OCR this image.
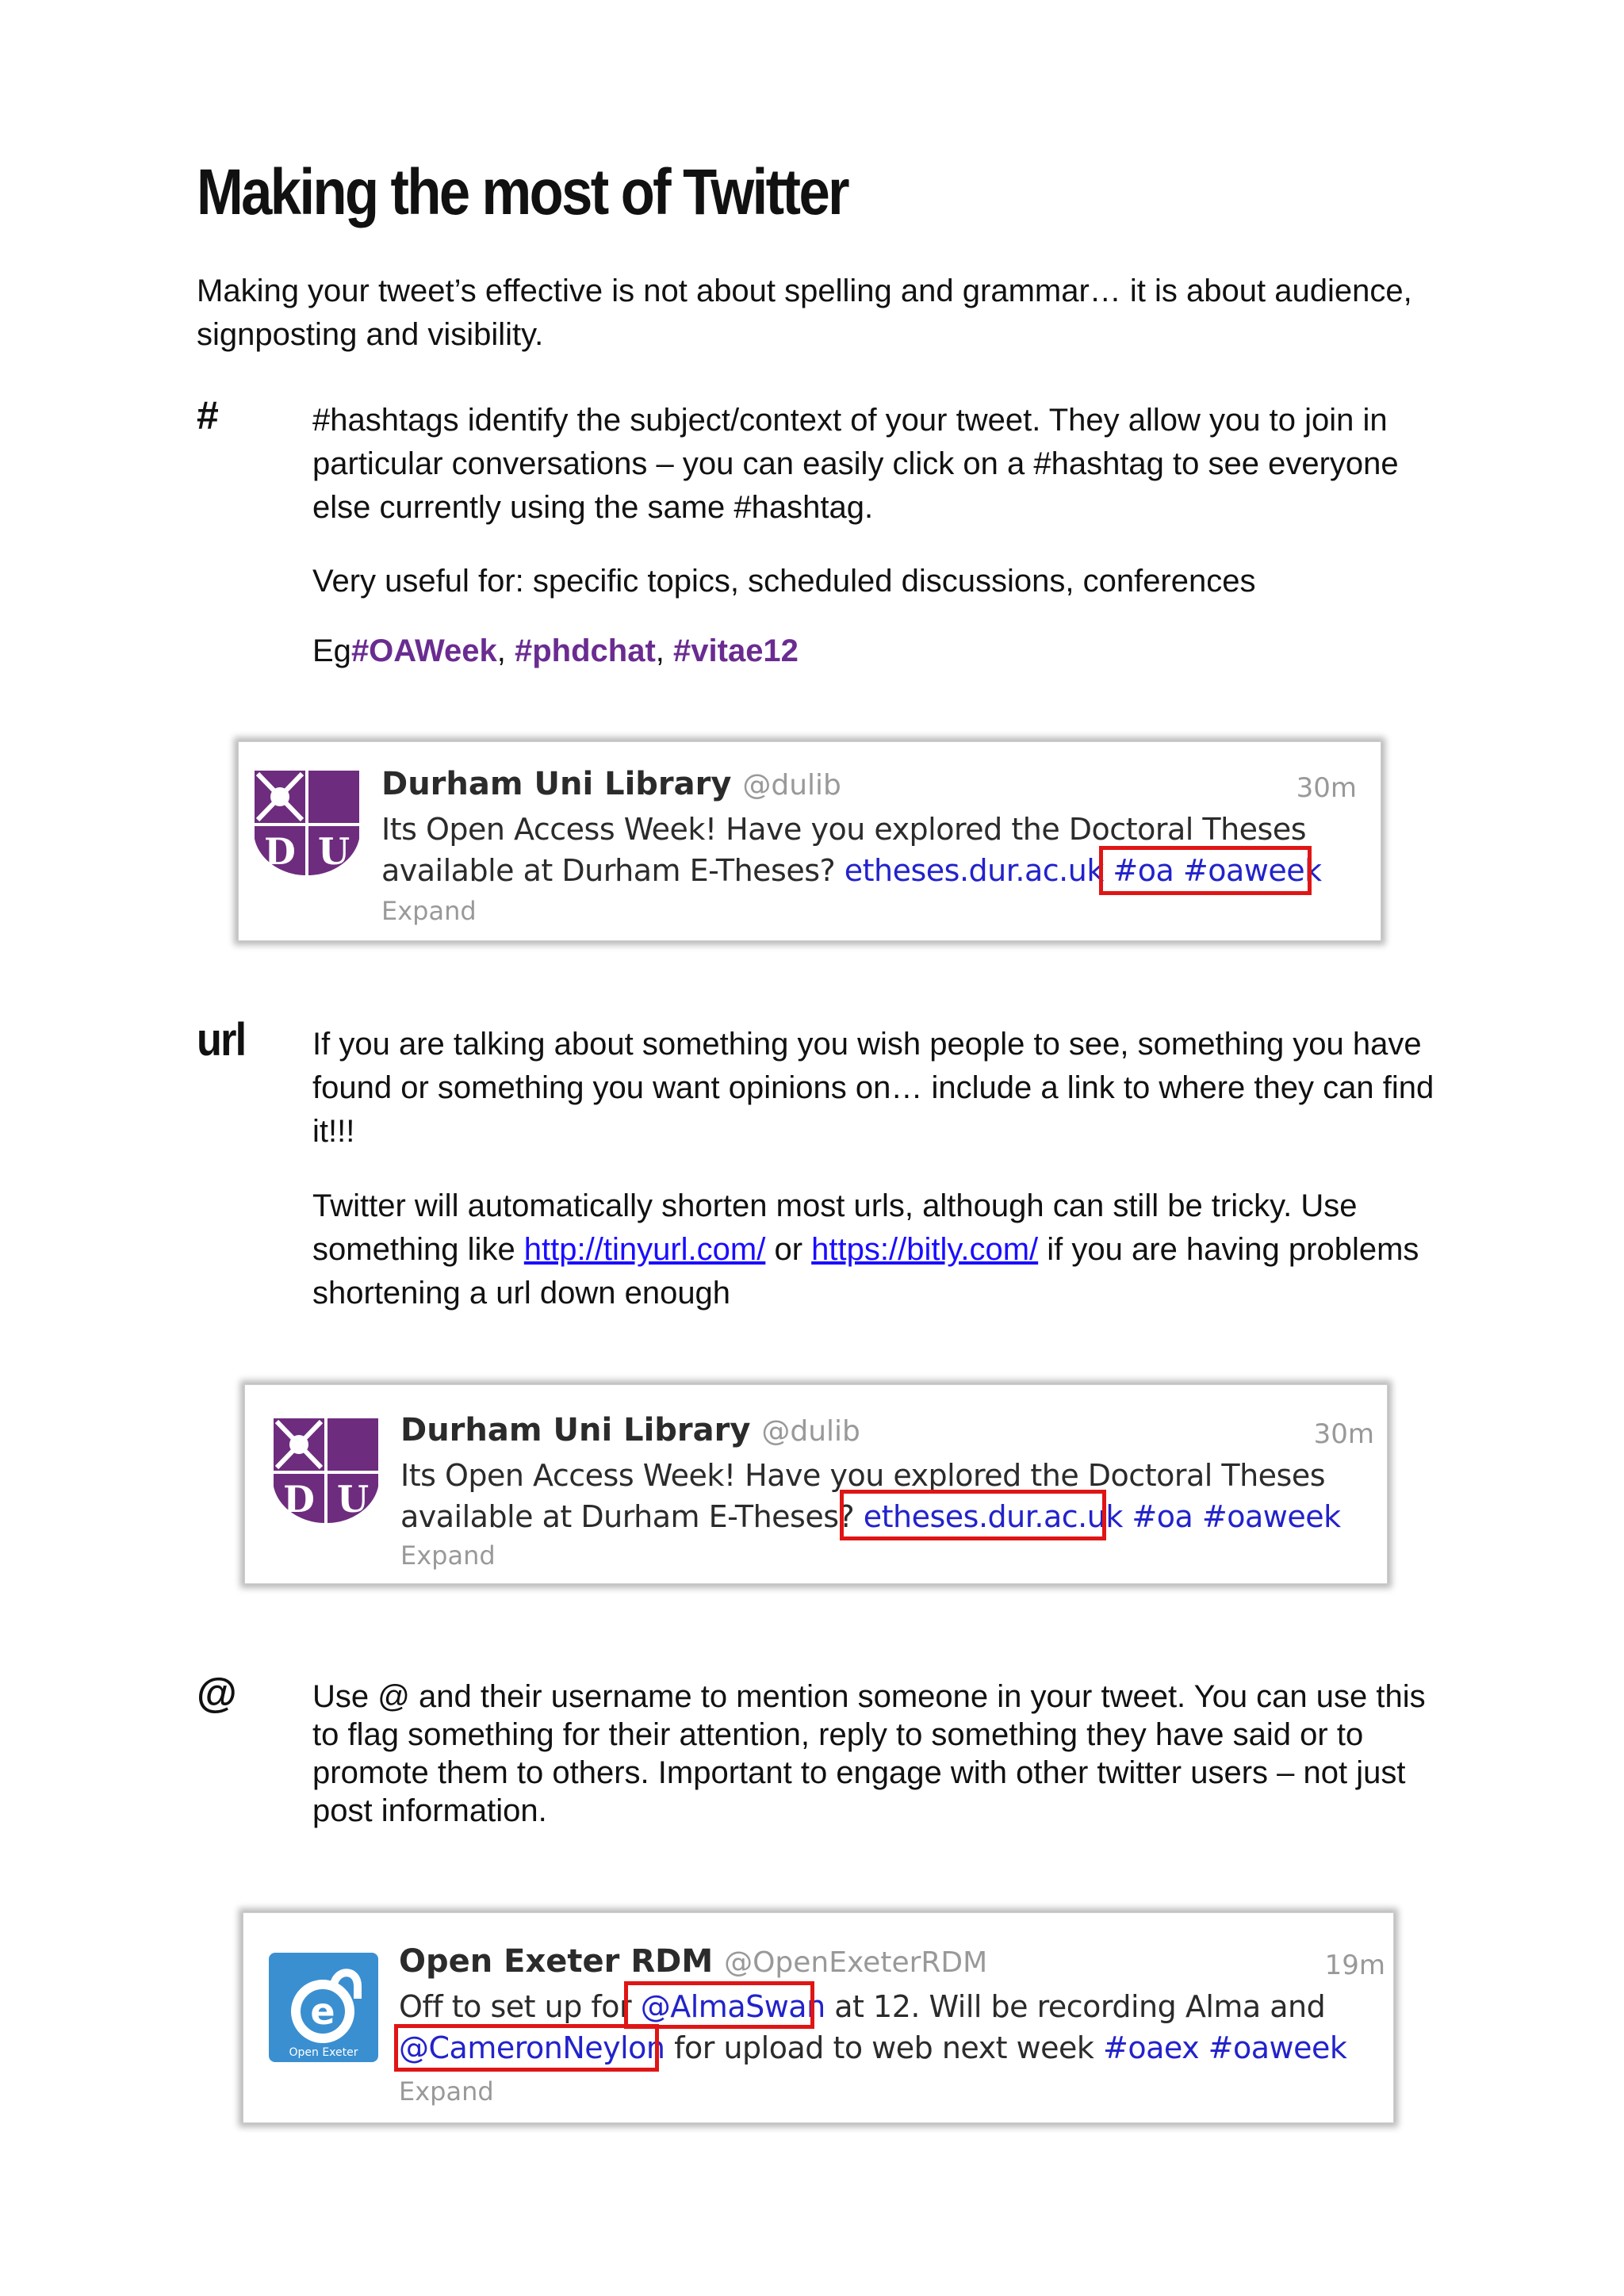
Making the most of Twitter
Making your tweet’s effective is not about spelling and grammar… it is about audience, signposting and visibility.
#	#hashtags identify the subject/context of your tweet. They allow you to join in particular conversations – you can easily click on a #hashtag to see everyone else currently using the same #hashtag.
Very useful for: specific topics, scheduled discussions, conferences
Eg#OAWeek, #phdchat, #vitae12
D U
Durham Uni Library @dulib	30m
Its Open Access Week! Have you explored the Doctoral Theses
available at Durham E-Theses? etheses.dur.ac.uk #oa #oaweek
Expand
url If you are talking about something you wish people to see, something you have found or something you want opinions on… include a link to where they can find it!!!
Twitter will automatically shorten most urls, although can still be tricky. Use something like http://tinyurl.com/ or https://bitly.com/ if you are having problems shortening a url down enough
D U
Durham Uni Library @dulib	30m
Its Open Access Week! Have you explored the Doctoral Theses
available at Durham E-Theses? etheses.dur.ac.uk #oa #oaweek
Expand
@ Use @ and their username to mention someone in your tweet. You can use this to flag something for their attention, reply to something they have said or to promote them to others. Important to engage with other twitter users – not just post information.
e
Open Exeter
Open Exeter RDM @OpenExeterRDM	19m
Off to set up for @AlmaSwan at 12. Will be recording Alma and
@CameronNeylon for upload to web next week #oaex #oaweek
Expand
